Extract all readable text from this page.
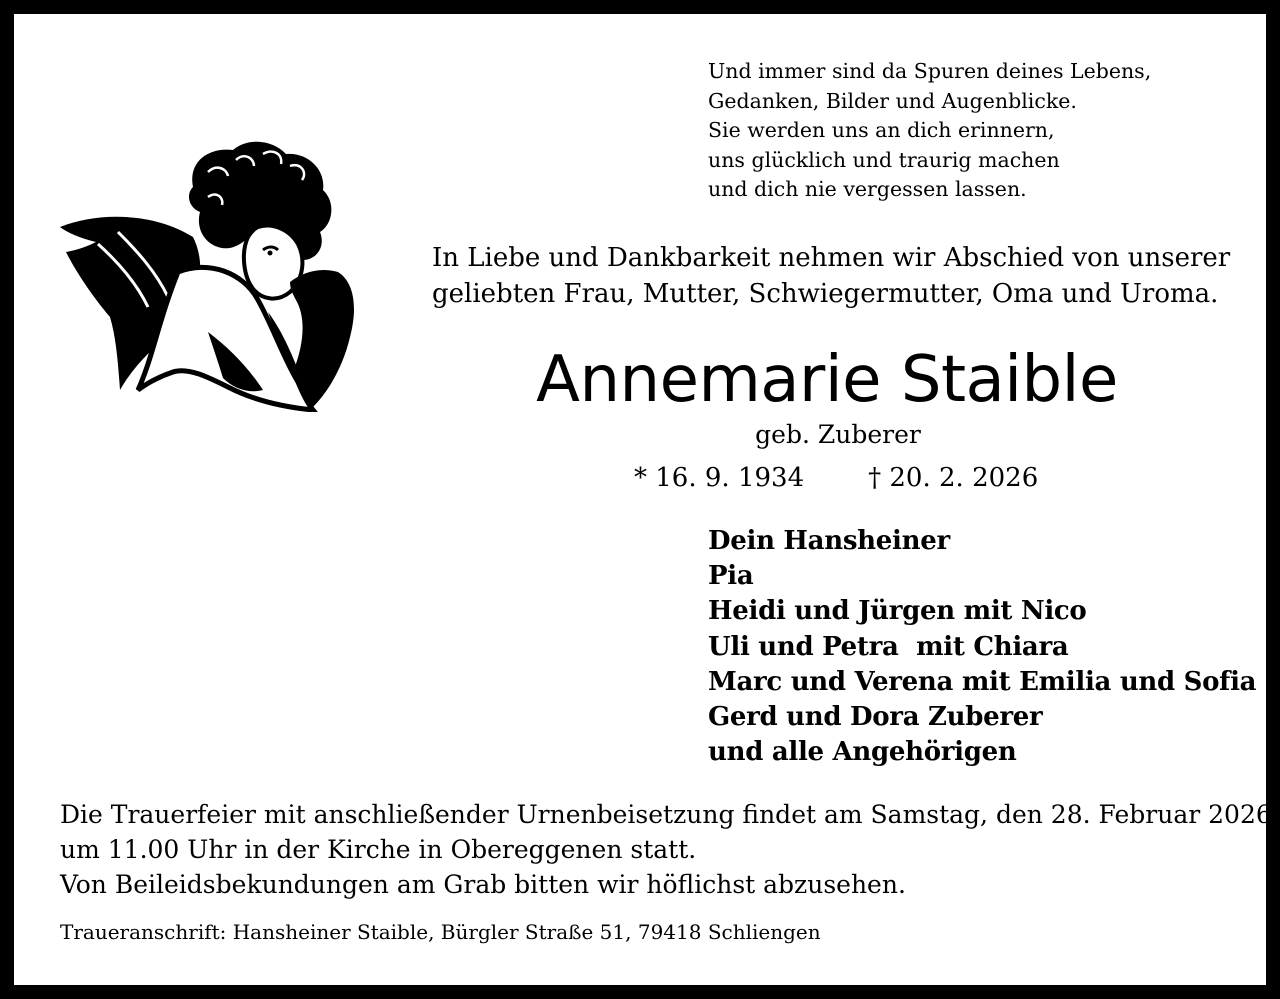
Und immer sind da Spuren deines Lebens,
Gedanken, Bilder und Augenblicke.
Sie werden uns an dich erinnern,
uns glücklich und traurig machen
und dich nie vergessen lassen.
In Liebe und Dankbarkeit nehmen wir Abschied von unserer
geliebten Frau, Mutter, Schwiegermutter, Oma und Uroma.
Annemarie Staible
geb. Zuberer
* 16. 9. 1934 † 20. 2. 2026
Dein Hansheiner
Pia
Heidi und Jürgen mit Nico
Uli und Petra  mit Chiara
Marc und Verena mit Emilia und Sofia
Gerd und Dora Zuberer
und alle Angehörigen
Die Trauerfeier mit anschließender Urnenbeisetzung findet am Samstag, den 28. Februar 2026
um 11.00 Uhr in der Kirche in Obereggenen statt.
Von Beileidsbekundungen am Grab bitten wir höflichst abzusehen.
Traueranschrift: Hansheiner Staible, Bürgler Straße 51, 79418 Schliengen
